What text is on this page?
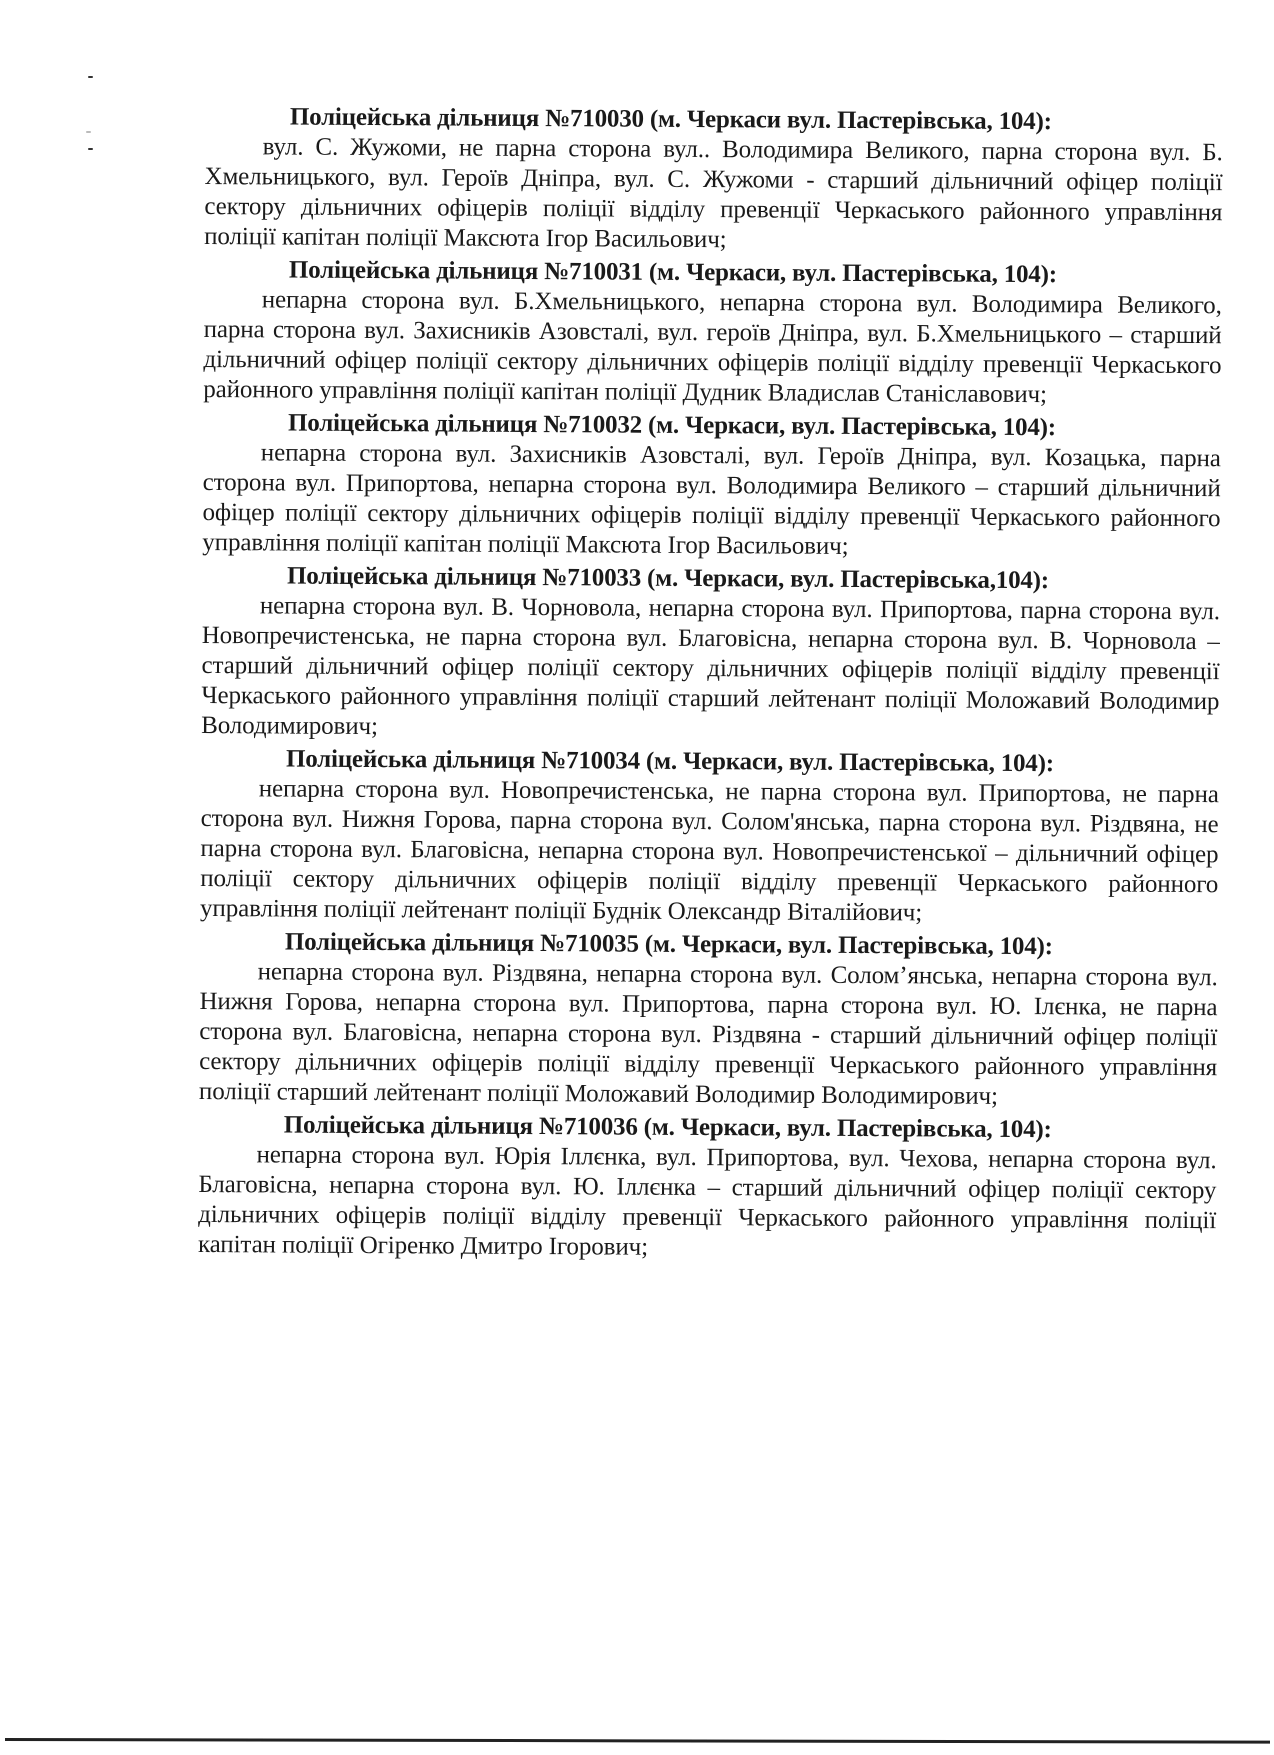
Поліцейська дільниця №710030 (м. Черкаси вул. Пастерівська, 104):

вул. С. Жужоми, не парна сторона вул.. Володимира Великого, парна сторона вул. Б. Хмельницького, вул. Героїв Дніпра, вул. С. Жужоми - старший дільничний офіцер поліції сектору дільничних офіцерів поліції відділу превенції Черкаського районного управління поліції капітан поліції Максюта Ігор Васильович;

Поліцейська дільниця №710031 (м. Черкаси, вул. Пастерівська, 104):

непарна сторона вул. Б.Хмельницького, непарна сторона вул. Володимира Великого, парна сторона вул. Захисників Азовсталі, вул. героїв Дніпра, вул. Б.Хмельницького – старший дільничний офіцер поліції сектору дільничних офіцерів поліції відділу превенції Черкаського районного управління поліції капітан поліції Дудник Владислав Станіславович;

Поліцейська дільниця №710032 (м. Черкаси, вул. Пастерівська, 104):

непарна сторона вул. Захисників Азовсталі, вул. Героїв Дніпра, вул. Козацька, парна сторона вул. Припортова, непарна сторона вул. Володимира Великого – старший дільничний офіцер поліції сектору дільничних офіцерів поліції відділу превенції Черкаського районного управління поліції капітан поліції Максюта Ігор Васильович;

Поліцейська дільниця №710033 (м. Черкаси, вул. Пастерівська,104):

непарна сторона вул. В. Чорновола, непарна сторона вул. Припортова, парна сторона вул. Новопречистенська, не парна сторона вул. Благовісна, непарна сторона вул. В. Чорновола – старший дільничний офіцер поліції сектору дільничних офіцерів поліції відділу превенції Черкаського районного управління поліції старший лейтенант поліції Моложавий Володимир Володимирович;

Поліцейська дільниця №710034 (м. Черкаси, вул. Пастерівська, 104):

непарна сторона вул. Новопречистенська, не парна сторона вул. Припортова, не парна сторона вул. Нижня Горова, парна сторона вул. Солом'янська, парна сторона вул. Різдвяна, не парна сторона вул. Благовісна, непарна сторона вул. Новопречистенської – дільничний офіцер поліції сектору дільничних офіцерів поліції відділу превенції Черкаського районного управління поліції лейтенант поліції Буднік Олександр Віталійович;

Поліцейська дільниця №710035 (м. Черкаси, вул. Пастерівська, 104):

непарна сторона вул. Різдвяна, непарна сторона вул. Солом’янська, непарна сторона вул. Нижня Горова, непарна сторона вул. Припортова, парна сторона вул. Ю. Ілєнка, не парна сторона вул. Благовісна, непарна сторона вул. Різдвяна - старший дільничний офіцер поліції сектору дільничних офіцерів поліції відділу превенції Черкаського районного управління поліції старший лейтенант поліції Моложавий Володимир Володимирович;

Поліцейська дільниця №710036 (м. Черкаси, вул. Пастерівська, 104):

непарна сторона вул. Юрія Іллєнка, вул. Припортова, вул. Чехова, непарна сторона вул. Благовісна, непарна сторона вул. Ю. Іллєнка – старший дільничний офіцер поліції сектору дільничних офіцерів поліції відділу превенції Черкаського районного управління поліції капітан поліції Огіренко Дмитро Ігорович;
